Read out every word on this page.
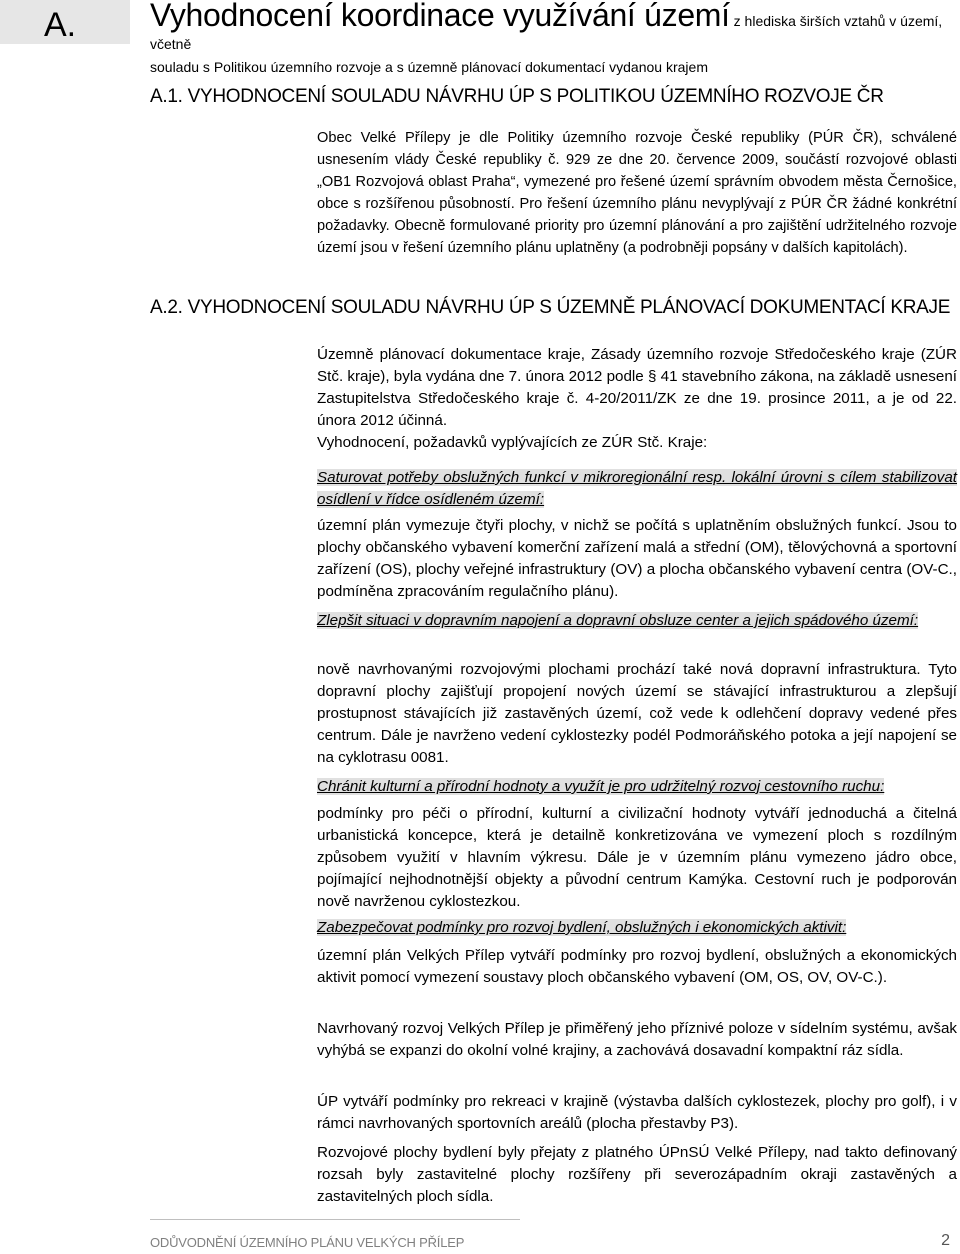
A.	Vyhodnocení koordinace využívání území z hlediska širších vztahů v území, včetně
souladu s Politikou územního rozvoje a s územně plánovací dokumentací vydanou krajem
A.1. VYHODNOCENÍ SOULADU NÁVRHU ÚP S POLITIKOU ÚZEMNÍHO ROZVOJE ČR

Obec Velké Přílepy je dle Politiky územního rozvoje České republiky (PÚR ČR), schválené usnesením vlády České republiky č. 929 ze dne 20. července 2009, součástí rozvojové oblasti „OB1 Rozvojová oblast Praha“, vymezené pro řešené území správním obvodem města Černošice, obce s rozšířenou působností. Pro řešení územního plánu nevyplývají z PÚR ČR žádné konkrétní požadavky. Obecně formulované priority pro územní plánování a pro zajištění udržitelného rozvoje území jsou v řešení územního plánu uplatněny (a podrobněji popsány v dalších kapitolách).

A.2. VYHODNOCENÍ SOULADU NÁVRHU ÚP S ÚZEMNĚ PLÁNOVACÍ DOKUMENTACÍ KRAJE

Územně plánovací dokumentace kraje, Zásady územního rozvoje Středočeského kraje (ZÚR Stč. kraje), byla vydána dne 7. února 2012 podle § 41 stavebního zákona, na základě usnesení Zastupitelstva Středočeského kraje č. 4-20/2011/ZK ze dne 19. prosince 2011, a je od 22. února 2012 účinná.

Vyhodnocení, požadavků vyplývajících ze ZÚR Stč. Kraje:

Saturovat potřeby obslužných funkcí v mikroregionální resp. lokální úrovni s cílem stabilizovat osídlení v řídce osídleném území:

územní plán vymezuje čtyři plochy, v nichž se počítá s uplatněním obslužných funkcí. Jsou to plochy občanského vybavení komerční zařízení malá a střední (OM), tělovýchovná a sportovní zařízení (OS), plochy veřejné infrastruktury (OV) a plocha občanského vybavení centra (OV-C., podmíněna zpracováním regulačního plánu).

Zlepšit situaci v dopravním napojení a dopravní obsluze center a jejich spádového území:

nově navrhovanými rozvojovými plochami prochází také nová dopravní infrastruktura. Tyto dopravní plochy zajišťují propojení nových území se stávající infrastrukturou a zlepšují prostupnost stávajících již zastavěných území, což vede k odlehčení dopravy vedené přes centrum. Dále je navrženo vedení cyklostezky podél Podmoráňského potoka a její napojení se na cyklotrasu 0081.

Chránit kulturní a přírodní hodnoty a využít je pro udržitelný rozvoj cestovního ruchu:

podmínky pro péči o přírodní, kulturní a civilizační hodnoty vytváří jednoduchá a čitelná urbanistická koncepce, která je detailně konkretizována ve vymezení ploch s rozdílným způsobem využití v hlavním výkresu. Dále je v územním plánu vymezeno jádro obce, pojímající nejhodnotnější objekty a původní centrum Kamýka. Cestovní ruch je podporován nově navrženou cyklostezkou.

Zabezpečovat podmínky pro rozvoj bydlení, obslužných i ekonomických aktivit:

územní plán Velkých Přílep vytváří podmínky pro rozvoj bydlení, obslužných a ekonomických aktivit pomocí vymezení soustavy ploch občanského vybavení (OM, OS, OV, OV-C.).

Navrhovaný rozvoj Velkých Přílep je přiměřený jeho příznivé poloze v sídelním systému, avšak vyhýbá se expanzi do okolní volné krajiny, a zachovává dosavadní kompaktní ráz sídla.

ÚP vytváří podmínky pro rekreaci v krajině (výstavba dalších cyklostezek, plochy pro golf), i v rámci navrhovaných sportovních areálů (plocha přestavby P3).

Rozvojové plochy bydlení byly přejaty z platného ÚPnSÚ Velké Přílepy, nad takto definovaný rozsah byly zastavitelné plochy rozšířeny při severozápadním okraji zastavěných a zastavitelných ploch sídla.

ODŮVODNĚNÍ ÚZEMNÍHO PLÁNU VELKÝCH PŘÍLEP	2
